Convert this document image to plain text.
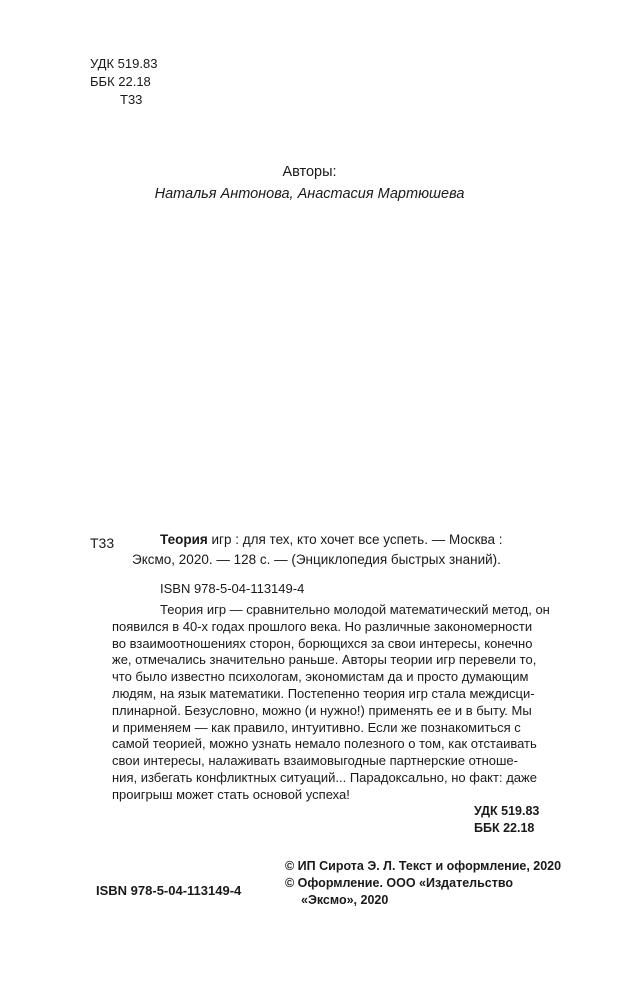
УДК 519.83
ББК 22.18
Т33
Авторы:
Наталья Антонова, Анастасия Мартюшева
Т33	Теория игр : для тех, кто хочет все успеть. — Москва :
Эксмо, 2020. — 128 с. — (Энциклопедия быстрых знаний).
ISBN 978-5-04-113149-4
Теория игр — сравнительно молодой математический метод, он
появился в 40-х годах прошлого века. Но различные закономерности
во взаимоотношениях сторон, борющихся за свои интересы, конечно
же, отмечались значительно раньше. Авторы теории игр перевели то,
что было известно психологам, экономистам да и просто думающим
людям, на язык математики. Постепенно теория игр стала междисци-
плинарной. Безусловно, можно (и нужно!) применять ее и в быту. Мы
и применяем — как правило, интуитивно. Если же познакомиться с
самой теорией, можно узнать немало полезного о том, как отстаивать
свои интересы, налаживать взаимовыгодные партнерские отноше-
ния, избегать конфликтных ситуаций... Парадоксально, но факт: даже
проигрыш может стать основой успеха!
УДК 519.83
ББК 22.18
© ИП Сирота Э. Л. Текст и оформление, 2020
© Оформление. ООО «Издательство
«Эксмо», 2020
ISBN 978-5-04-113149-4
